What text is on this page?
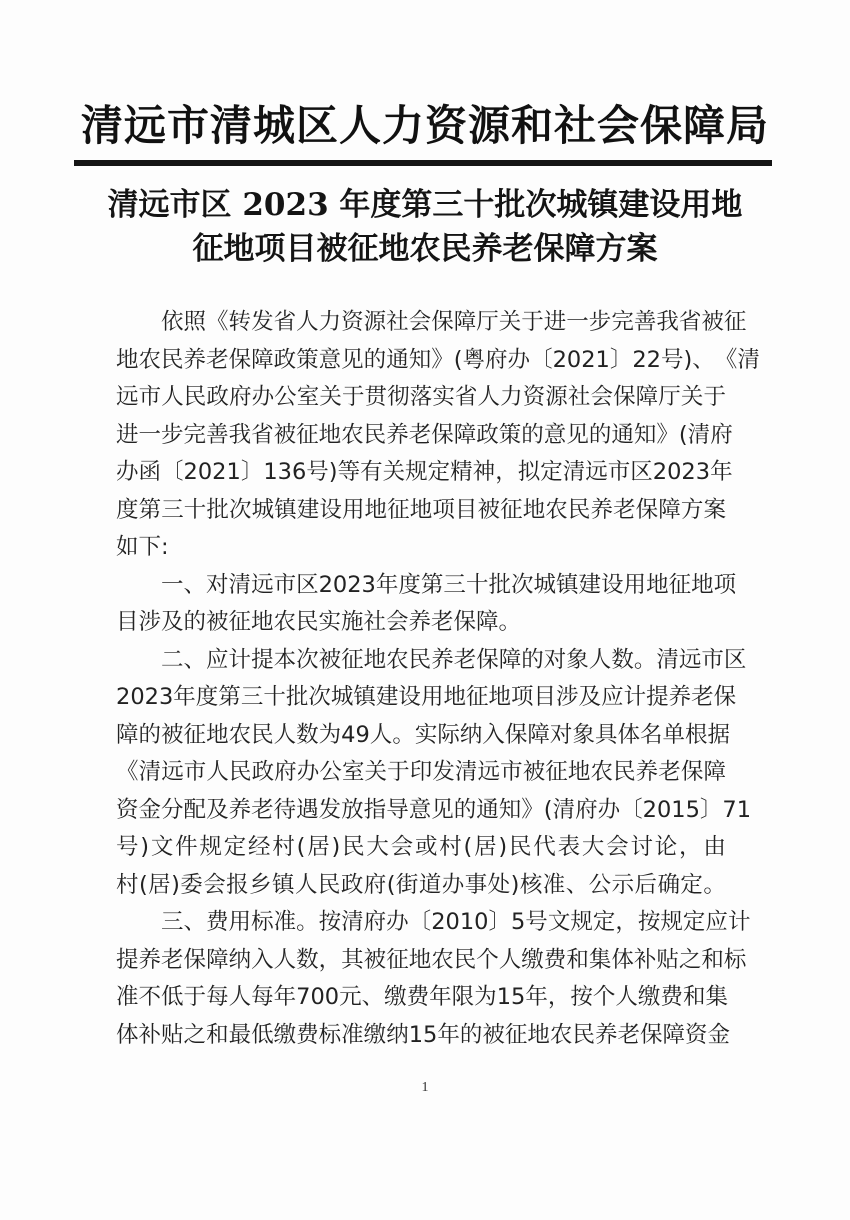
清远市清城区人力资源和社会保障局
清远市区 2023 年度第三十批次城镇建设用地
征地项目被征地农民养老保障方案
依 照 《 转 发 省 人 力 资 源 社 会 保 障 厅 关 于 进 一 步 完 善 我 省 被 征
地 农 民 养 老 保 障 政 策 意 见 的 通 知 》 ( 粤 府 办 〔 2021 〕 22 号 ) 、 《 清
远 市 人 民 政 府 办 公 室 关 于 贯 彻 落 实 省 人 力 资 源 社 会 保 障 厅 关 于
进 一 步 完 善 我 省 被 征 地 农 民 养 老 保 障 政 策 的 意 见 的 通 知 》 ( 清 府
办 函 〔 2021 〕 136 号 ) 等 有 关 规 定 精 神 ， 拟 定 清 远 市 区 2023 年
度 第 三 十 批 次 城 镇 建 设 用 地 征 地 项 目 被 征 地 农 民 养 老 保 障 方 案
如下:
一 、 对 清 远 市 区 2023 年 度 第 三 十 批 次 城 镇 建 设 用 地 征 地 项
目涉及的被征地农民实施社会养老保障。
二 、 应 计 提 本 次 被 征 地 农 民 养 老 保 障 的 对 象 人 数 。 清 远 市 区
2023 年 度 第 三 十 批 次 城 镇 建 设 用 地 征 地 项 目 涉 及 应 计 提 养 老 保
障 的 被 征 地 农 民 人 数 为 49 人 。 实 际 纳 入 保 障 对 象 具 体 名 单 根 据
《 清 远 市 人 民 政 府 办 公 室 关 于 印 发 清 远 市 被 征 地 农 民 养 老 保 障
资 金 分 配 及 养 老 待 遇 发 放 指 导 意 见 的 通 知 》 ( 清 府 办 〔 2015 〕 71
号 ) 文 件 规 定 经 村 ( 居 ) 民 大 会 或 村 ( 居 ) 民 代 表 大 会 讨 论 ， 由
村 ( 居 ) 委 会 报 乡 镇 人 民 政 府 ( 街 道 办 事 处 ) 核 准 、 公 示 后 确 定 。
三 、 费 用 标 准 。 按 清 府 办 〔 2010 〕 5 号 文 规 定 ， 按 规 定 应 计
提 养 老 保 障 纳 入 人 数 ， 其 被 征 地 农 民 个 人 缴 费 和 集 体 补 贴 之 和 标
准 不 低 于 每 人 每 年 700 元 、 缴 费 年 限 为 15 年 ， 按 个 人 缴 费 和 集
体 补 贴 之 和 最 低 缴 费 标 准 缴 纳 15 年 的 被 征 地 农 民 养 老 保 障 资 金
1
